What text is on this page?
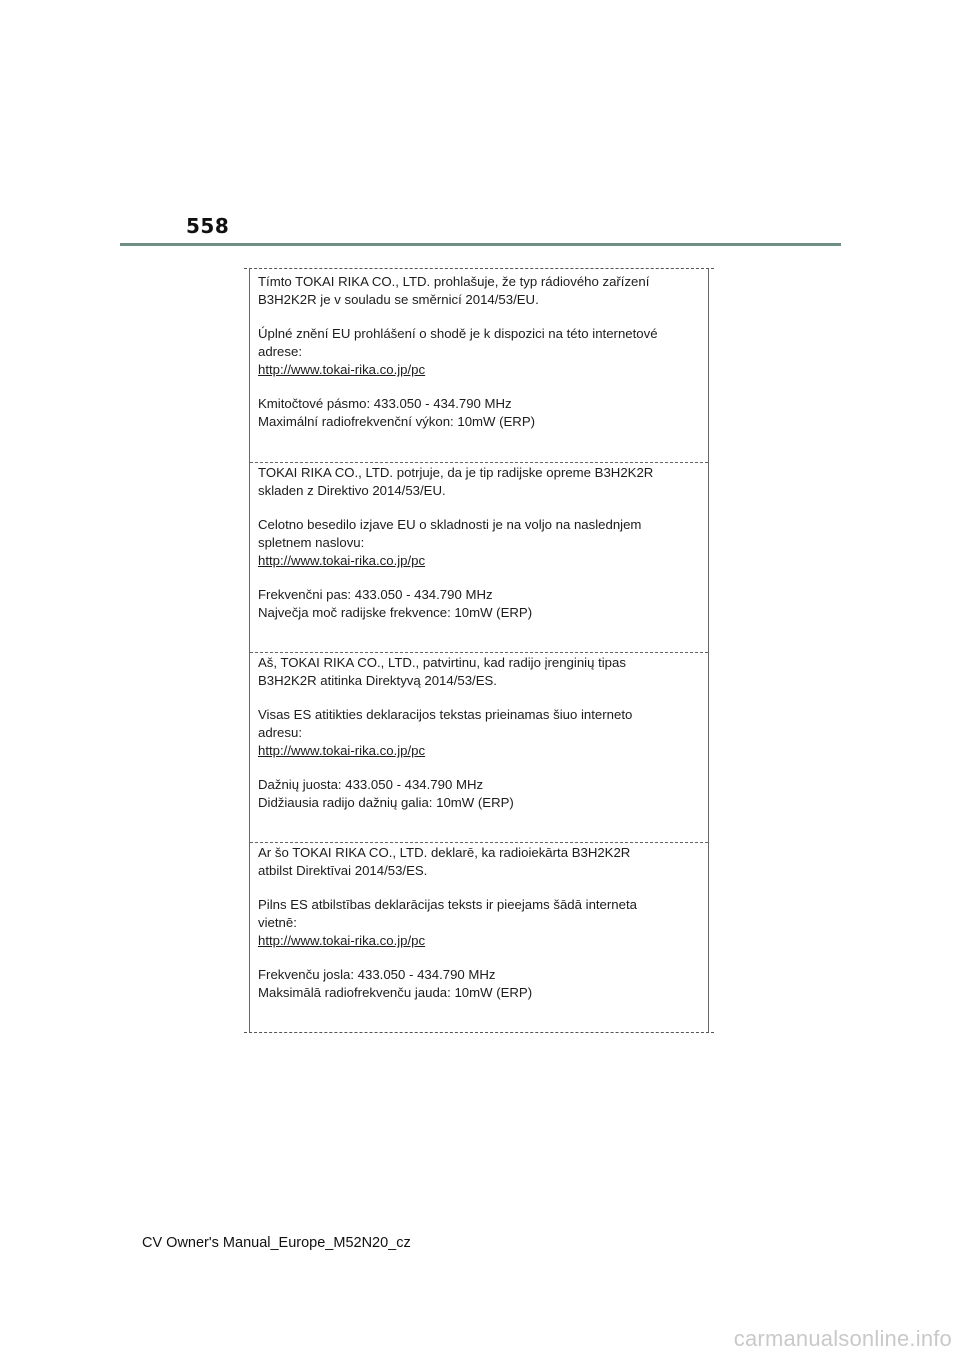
558

Tímto TOKAI RIKA CO., LTD. prohlašuje, že typ rádiového zařízení

B3H2K2R je v souladu se směrnicí 2014/53/EU.

Úplné znění EU prohlášení o shodě je k dispozici na této internetové

adrese:

http://www.tokai-rika.co.jp/pc

Kmitočtové pásmo: 433.050 - 434.790 MHz

Maximální radiofrekvenční výkon: 10mW (ERP)

TOKAI RIKA CO., LTD. potrjuje, da je tip radijske opreme B3H2K2R

skladen z Direktivo 2014/53/EU.

Celotno besedilo izjave EU o skladnosti je na voljo na naslednjem

spletnem naslovu:

http://www.tokai-rika.co.jp/pc

Frekvenčni pas: 433.050 - 434.790 MHz

Največja moč radijske frekvence: 10mW (ERP)

Aš, TOKAI RIKA CO., LTD., patvirtinu, kad radijo įrenginių tipas

B3H2K2R atitinka Direktyvą 2014/53/ES.

Visas ES atitikties deklaracijos tekstas prieinamas šiuo interneto

adresu:

http://www.tokai-rika.co.jp/pc

Dažnių juosta: 433.050 - 434.790 MHz

Didžiausia radijo dažnių galia: 10mW (ERP)

Ar šo TOKAI RIKA CO., LTD. deklarē, ka radioiekārta B3H2K2R

atbilst Direktīvai 2014/53/ES.

Pilns ES atbilstības deklarācijas teksts ir pieejams šādā interneta

vietnē:

http://www.tokai-rika.co.jp/pc

Frekvenču josla: 433.050 - 434.790 MHz

Maksimālā radiofrekvenču jauda: 10mW (ERP)

CV Owner's Manual_Europe_M52N20_cz
carmanualsonline.info
